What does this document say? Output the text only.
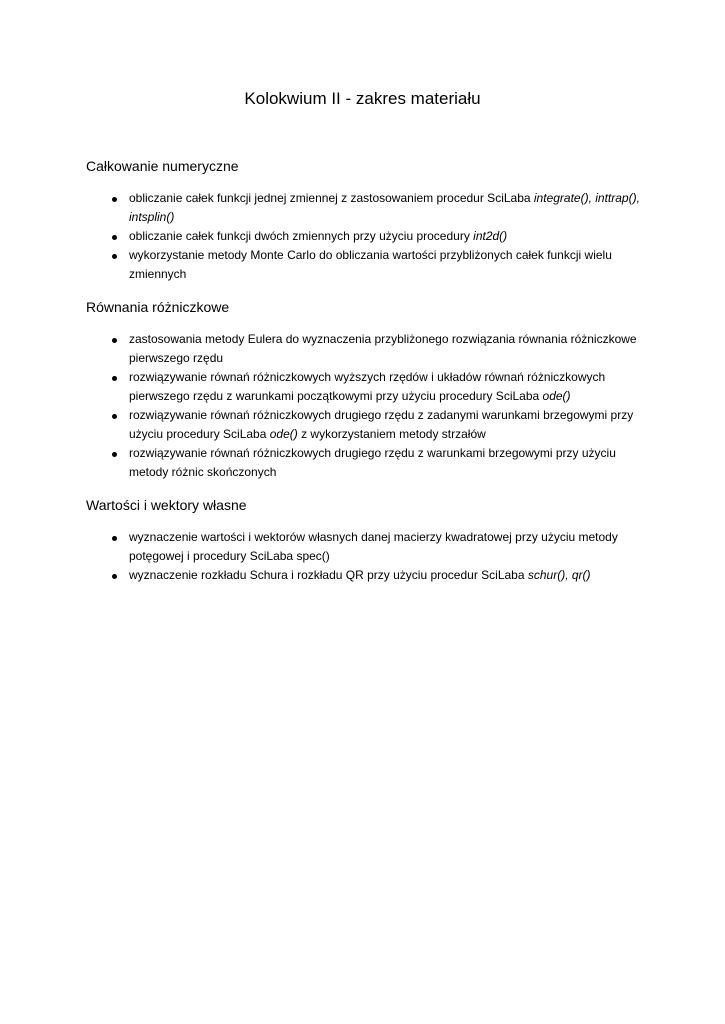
Kolokwium II - zakres materiału
Całkowanie numeryczne
obliczanie całek funkcji jednej zmiennej z zastosowaniem procedur SciLaba integrate(), inttrap(), intsplin()
obliczanie całek funkcji dwóch zmiennych przy użyciu procedury int2d()
wykorzystanie metody Monte Carlo do obliczania wartości przybliżonych całek funkcji wielu zmiennych
Równania różniczkowe
zastosowania metody Eulera do wyznaczenia przybliżonego rozwiązania równania różniczkowe pierwszego rzędu
rozwiązywanie równań różniczkowych wyższych rzędów i układów równań różniczkowych pierwszego rzędu z warunkami początkowymi przy użyciu procedury SciLaba ode()
rozwiązywanie równań różniczkowych drugiego rzędu z zadanymi warunkami brzegowymi przy użyciu procedury SciLaba ode() z wykorzystaniem metody strzałów
rozwiązywanie równań różniczkowych drugiego rzędu z warunkami brzegowymi przy użyciu metody różnic skończonych
Wartości i wektory własne
wyznaczenie wartości i wektorów własnych danej macierzy kwadratowej przy użyciu metody potęgowej i procedury SciLaba spec()
wyznaczenie rozkładu Schura i rozkładu QR przy użyciu procedur SciLaba schur(), qr()
